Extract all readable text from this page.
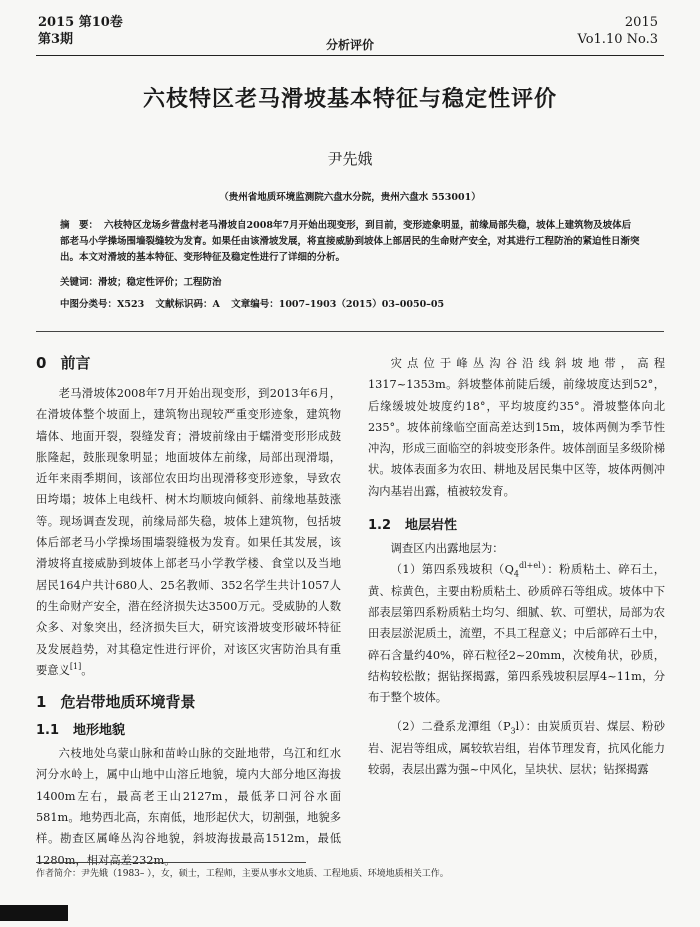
2015 第10卷
第3期	分析评价
2015
Vo1.10 No.3
六枝特区老马滑坡基本特征与稳定性评价
尹先娥
（贵州省地质环境监测院六盘水分院，贵州六盘水 553001）
摘　要： 六枝特区龙场乡营盘村老马滑坡自2008年7月开始出现变形，到目前，变形迹象明显，前缘局部失稳，坡体上建筑物及坡体后部老马小学操场围墙裂缝较为发育。如果任由该滑坡发展，将直接威胁到坡体上部居民的生命财产安全，对其进行工程防治的紧迫性日渐突出。本文对滑坡的基本特征、变形特征及稳定性进行了详细的分析。
关键词：滑坡；稳定性评价；工程防治
中图分类号：X523 文献标识码：A 文章编号：1007–1903（2015）03–0050–05
0 前言

老马滑坡体2008年7月开始出现变形，到2013年6月，在滑坡体整个坡面上，建筑物出现较严重变形迹象，建筑物墙体、地面开裂，裂缝发育；滑坡前缘由于蠕滑变形形成鼓胀隆起，鼓胀现象明显；地面坡体左前缘，局部出现滑塌，近年来雨季期间，该部位农田均出现滑移变形迹象，导致农田垮塌；坡体上电线杆、树木均顺坡向倾斜、前缘地基鼓涨等。现场调查发现，前缘局部失稳，坡体上建筑物，包括坡体后部老马小学操场围墙裂缝极为发育。如果任其发展，该滑坡将直接威胁到坡体上部老马小学教学楼、食堂以及当地居民164户共计680人、25名教师、352名学生共计1057人的生命财产安全，潜在经济损失达3500万元。受威胁的人数众多、对象突出，经济损失巨大，研究该滑坡变形破坏特征及发展趋势，对其稳定性进行评价，对该区灾害防治具有重要意义[1]。

1 危岩带地质环境背景
1.1 地形地貌

六枝地处乌蒙山脉和苗岭山脉的交趾地带，乌江和红水河分水岭上，属中山地中山溶丘地貌，境内大部分地区海拔1400m左右，最高老王山2127m，最低茅口河谷水面581m。地势西北高，东南低，地形起伏大，切割强，地貌多样。勘查区属峰丛沟谷地貌，斜坡海拔最高1512m，最低1280m，相对高差232m。

灾点位于峰丛沟谷沿线斜坡地带，高程1317~1353m。斜坡整体前陡后缓，前缘坡度达到52°，后缘缓坡处坡度约18°，平均坡度约35°。滑坡整体向北235°。坡体前缘临空面高差达到15m，坡体两侧为季节性冲沟，形成三面临空的斜坡变形条件。坡体剖面呈多级阶梯状。坡体表面多为农田、耕地及居民集中区等，坡体两侧冲沟内基岩出露，植被较发育。

1.2 地层岩性

调查区内出露地层为：

（1）第四系残坡积$(Q_4^{dl+el})$：粉质粘土、碎石土，黄、棕黄色，主要由粉质粘土、砂质碎石等组成。坡体中下部表层第四系粉质粘土均匀、细腻、软、可塑状，局部为农田表层淤泥质土，流塑，不具工程意义；中后部碎石土中，碎石含量约40%，碎石粒径2~20mm，次棱角状，砂质，结构较松散；据钻探揭露，第四系残坡积层厚4~11m，分布于整个坡体。

（2）二叠系龙潭组$(P_3l)$：由炭质页岩、煤层、粉砂岩、泥岩等组成，属较软岩组，岩体节理发育，抗风化能力较弱，表层出露为强~中风化，呈块状、层状；钻探揭露

作者简介：尹先娥（1983– ），女，硕士，工程师，主要从事水文地质、工程地质、环境地质相关工作。
